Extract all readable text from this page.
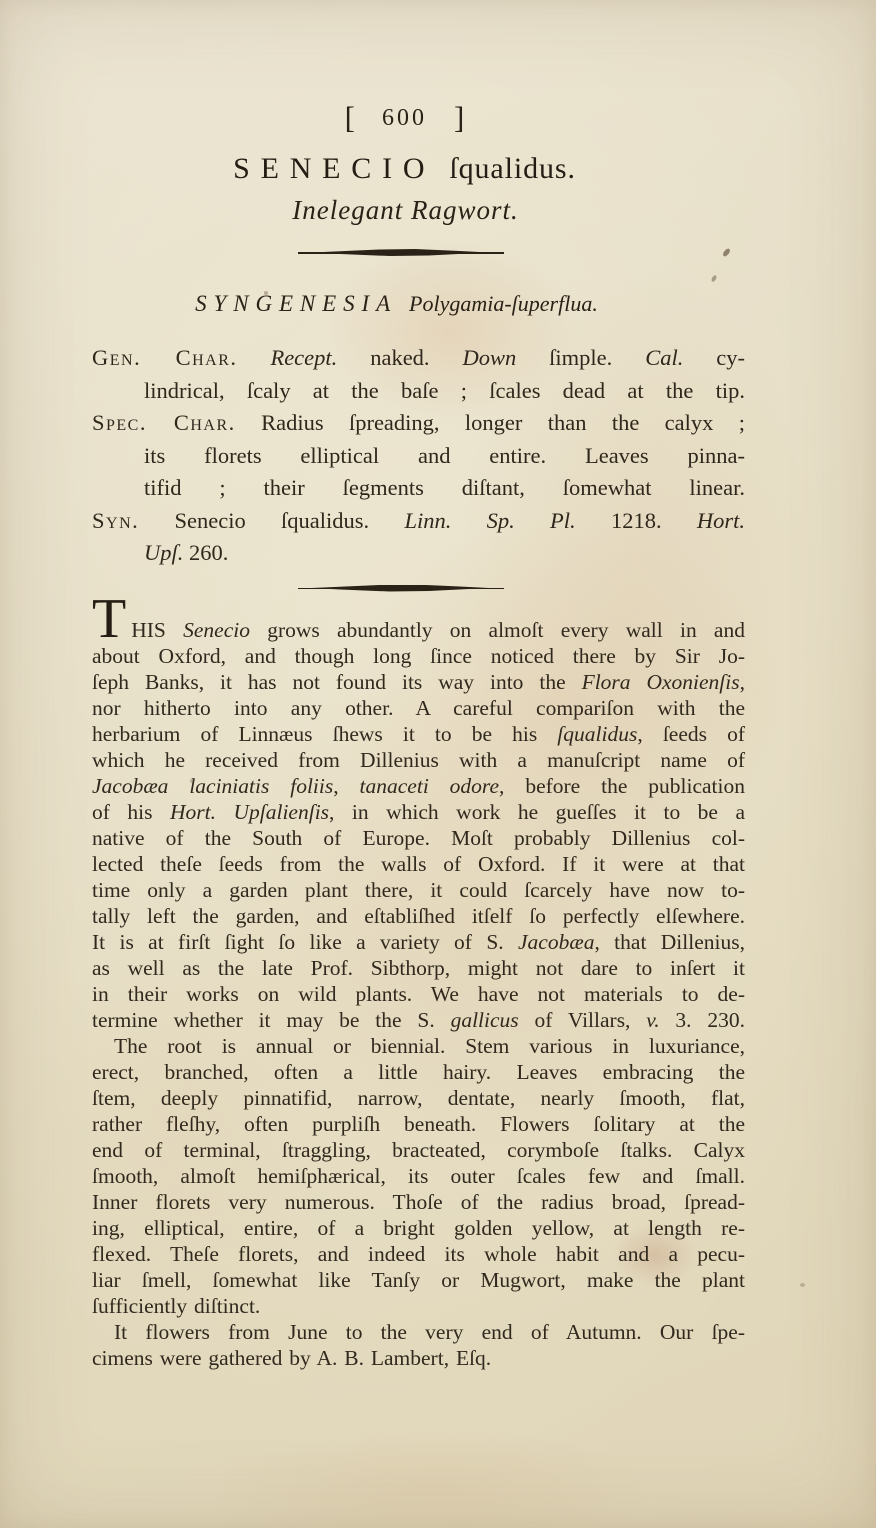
[ 600 ]
SENECIO ſqualidus.
Inelegant Ragwort.
SYNGENESIA Polygamia-ſuperflua.
Gen. Char. Recept. naked. Down ſimple. Cal. cy-
lindrical, ſcaly at the baſe ; ſcales dead at the tip.
Spec. Char. Radius ſpreading, longer than the calyx ;
its florets elliptical and entire. Leaves pinna-
tifid ; their ſegments diſtant, ſomewhat linear.
Syn. Senecio ſqualidus. Linn. Sp. Pl. 1218. Hort.
Upſ. 260.
THIS Senecio grows abundantly on almoſt every wall in and
about Oxford, and though long ſince noticed there by Sir Jo-
ſeph Banks, it has not found its way into the Flora Oxonienſis,
nor hitherto into any other. A careful compariſon with the
herbarium of Linnæus ſhews it to be his ſqualidus, ſeeds of
which he received from Dillenius with a manuſcript name of
Jacobæa laciniatis foliis, tanaceti odore, before the publication
of his Hort. Upſalienſis, in which work he gueſſes it to be a
native of the South of Europe. Moſt probably Dillenius col-
lected theſe ſeeds from the walls of Oxford. If it were at that
time only a garden plant there, it could ſcarcely have now to-
tally left the garden, and eſtabliſhed itſelf ſo perfectly elſewhere.
It is at firſt ſight ſo like a variety of S. Jacobæa, that Dillenius,
as well as the late Prof. Sibthorp, might not dare to inſert it
in their works on wild plants. We have not materials to de-
termine whether it may be the S. gallicus of Villars, v. 3. 230.
The root is annual or biennial. Stem various in luxuriance,
erect, branched, often a little hairy. Leaves embracing the
ſtem, deeply pinnatifid, narrow, dentate, nearly ſmooth, flat,
rather fleſhy, often purpliſh beneath. Flowers ſolitary at the
end of terminal, ſtraggling, bracteated, corymboſe ſtalks. Calyx
ſmooth, almoſt hemiſphærical, its outer ſcales few and ſmall.
Inner florets very numerous. Thoſe of the radius broad, ſpread-
ing, elliptical, entire, of a bright golden yellow, at length re-
flexed. Theſe florets, and indeed its whole habit and a pecu-
liar ſmell, ſomewhat like Tanſy or Mugwort, make the plant
ſufficiently diſtinct.
It flowers from June to the very end of Autumn. Our ſpe-
cimens were gathered by A. B. Lambert, Eſq.
